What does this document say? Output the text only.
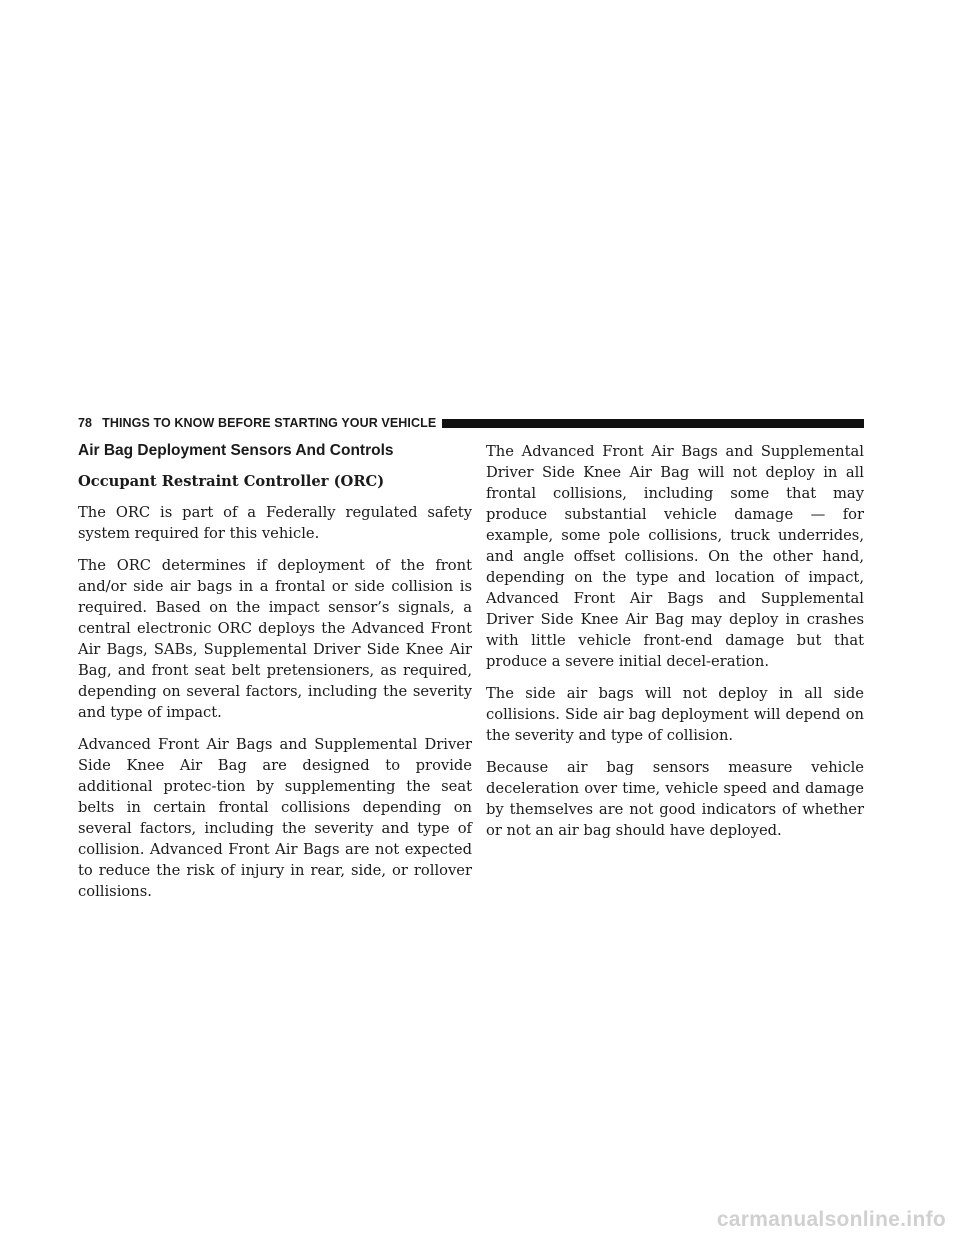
78 THINGS TO KNOW BEFORE STARTING YOUR VEHICLE
Air Bag Deployment Sensors And Controls
Occupant Restraint Controller (ORC)

The ORC is part of a Federally regulated safety system required for this vehicle.

The ORC determines if deployment of the front and/or side air bags in a frontal or side collision is required. Based on the impact sensor’s signals, a central electronic ORC deploys the Advanced Front Air Bags, SABs, Supplemental Driver Side Knee Air Bag, and front seat belt pretensioners, as required, depending on several factors, including the severity and type of impact.

Advanced Front Air Bags and Supplemental Driver Side Knee Air Bag are designed to provide additional protec-tion by supplementing the seat belts in certain frontal collisions depending on several factors, including the severity and type of collision. Advanced Front Air Bags are not expected to reduce the risk of injury in rear, side, or rollover collisions.

The Advanced Front Air Bags and Supplemental Driver Side Knee Air Bag will not deploy in all frontal collisions, including some that may produce substantial vehicle damage — for example, some pole collisions, truck underrides, and angle offset collisions. On the other hand, depending on the type and location of impact, Advanced Front Air Bags and Supplemental Driver Side Knee Air Bag may deploy in crashes with little vehicle front-end damage but that produce a severe initial decel-eration.

The side air bags will not deploy in all side collisions. Side air bag deployment will depend on the severity and type of collision.

Because air bag sensors measure vehicle deceleration over time, vehicle speed and damage by themselves are not good indicators of whether or not an air bag should have deployed.

carmanualsonline.info
